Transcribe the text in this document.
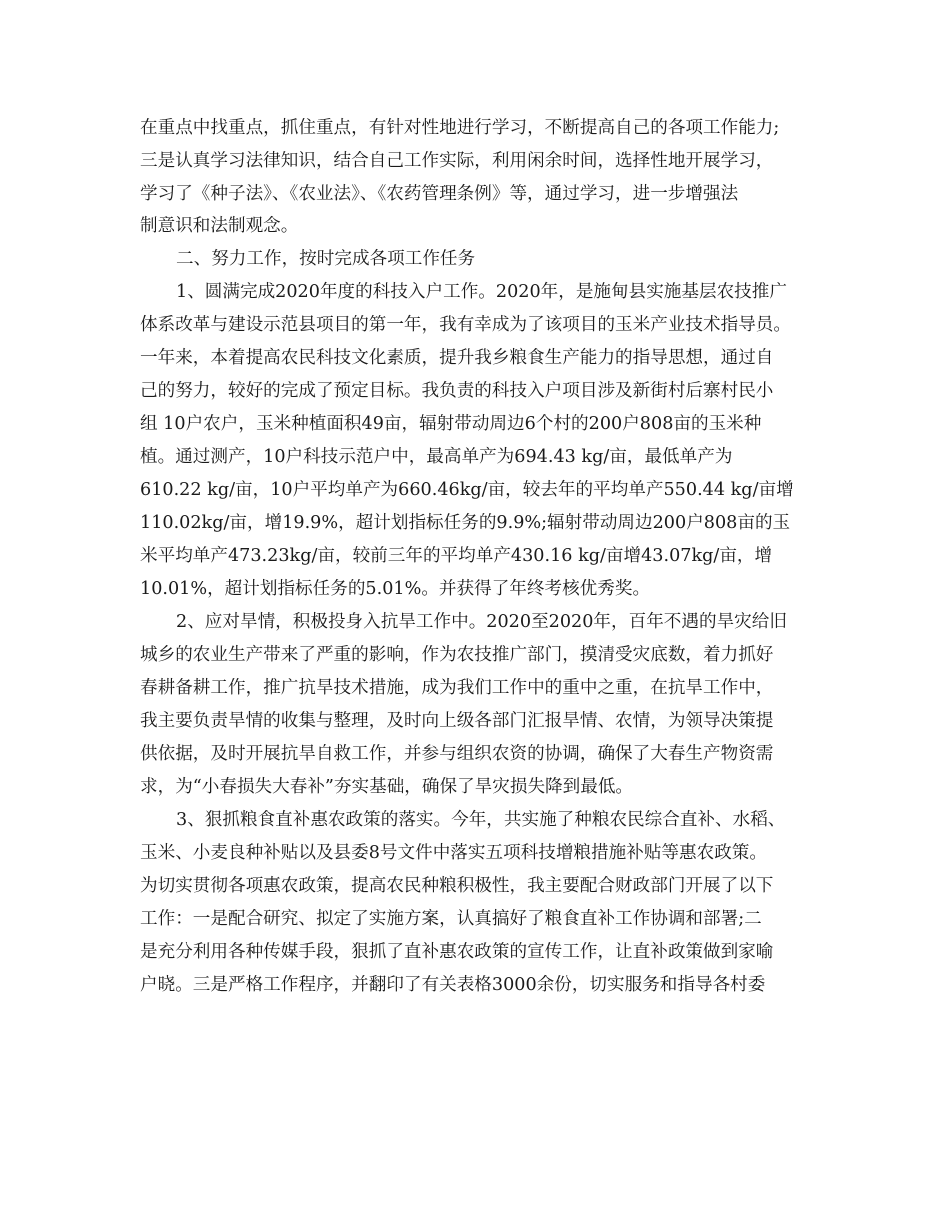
在重点中找重点，抓住重点，有针对性地进行学习，不断提高自己的各项工作能力;
三是认真学习法律知识，结合自己工作实际，利用闲余时间，选择性地开展学习，
学习了《种子法》、《农业法》、《农药管理条例》等，通过学习，进一步增强法
制意识和法制观念。
二、努力工作，按时完成各项工作任务
1、圆满完成2020年度的科技入户工作。2020年，是施甸县实施基层农技推广
体系改革与建设示范县项目的第一年，我有幸成为了该项目的玉米产业技术指导员。
一年来，本着提高农民科技文化素质，提升我乡粮食生产能力的指导思想，通过自
己的努力，较好的完成了预定目标。我负责的科技入户项目涉及新街村后寨村民小
组 10户农户，玉米种植面积49亩，辐射带动周边6个村的200户808亩的玉米种
植。通过测产，10户科技示范户中，最高单产为694.43 kg/亩，最低单产为
610.22 kg/亩，10户平均单产为660.46kg/亩，较去年的平均单产550.44 kg/亩增
110.02kg/亩，增19.9%，超计划指标任务的9.9%;辐射带动周边200户808亩的玉
米平均单产473.23kg/亩，较前三年的平均单产430.16 kg/亩增43.07kg/亩，增
10.01%，超计划指标任务的5.01%。并获得了年终考核优秀奖。
2、应对旱情，积极投身入抗旱工作中。2020至2020年，百年不遇的旱灾给旧
城乡的农业生产带来了严重的影响，作为农技推广部门，摸清受灾底数，着力抓好
春耕备耕工作，推广抗旱技术措施，成为我们工作中的重中之重，在抗旱工作中，
我主要负责旱情的收集与整理，及时向上级各部门汇报旱情、农情，为领导决策提
供依据，及时开展抗旱自救工作，并参与组织农资的协调，确保了大春生产物资需
求，为“小春损失大春补”夯实基础，确保了旱灾损失降到最低。
3、狠抓粮食直补惠农政策的落实。今年，共实施了种粮农民综合直补、水稻、
玉米、小麦良种补贴以及县委8号文件中落实五项科技增粮措施补贴等惠农政策。
为切实贯彻各项惠农政策，提高农民种粮积极性，我主要配合财政部门开展了以下
工作：一是配合研究、拟定了实施方案，认真搞好了粮食直补工作协调和部署;二
是充分利用各种传媒手段，狠抓了直补惠农政策的宣传工作，让直补政策做到家喻
户晓。三是严格工作程序，并翻印了有关表格3000余份，切实服务和指导各村委
